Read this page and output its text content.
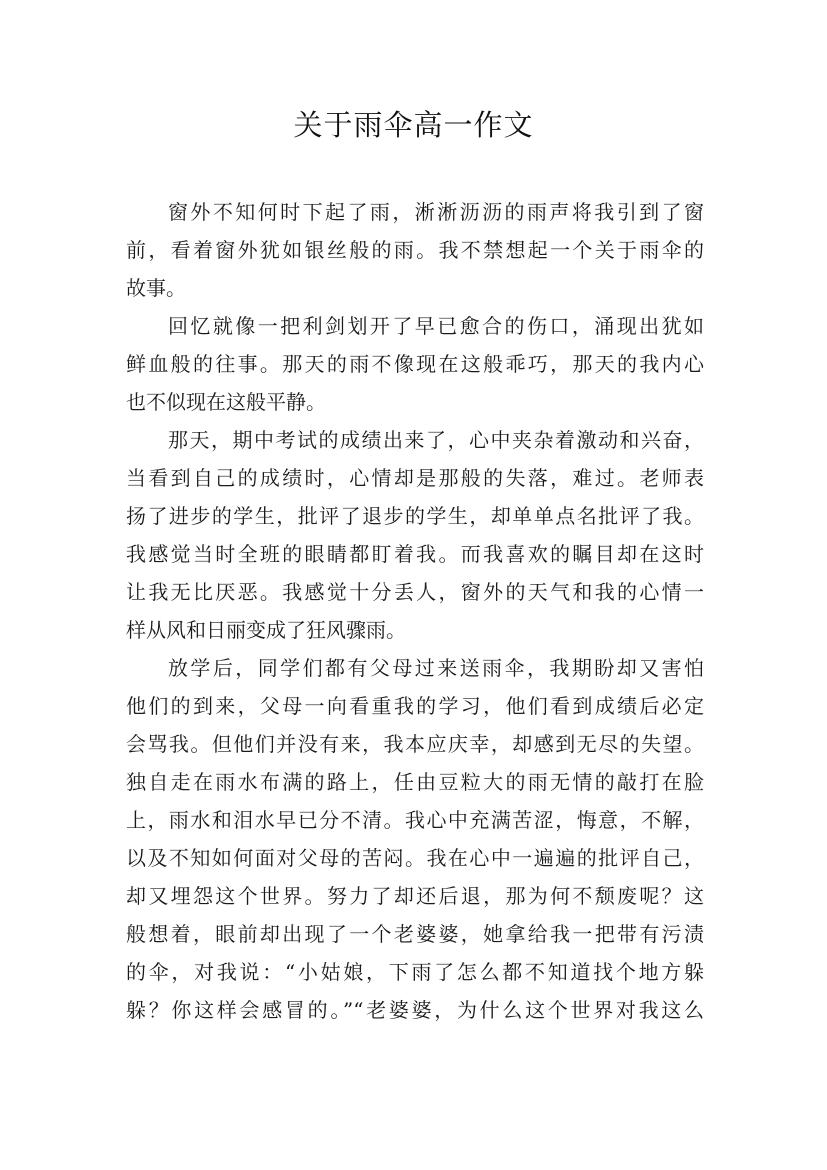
关于雨伞高一作文
窗外不知何时下起了雨，淅淅沥沥的雨声将我引到了窗
前，看着窗外犹如银丝般的雨。我不禁想起一个关于雨伞的
故事。
回忆就像一把利剑划开了早已愈合的伤口，涌现出犹如
鲜血般的往事。那天的雨不像现在这般乖巧，那天的我内心
也不似现在这般平静。
那天，期中考试的成绩出来了，心中夹杂着激动和兴奋，
当看到自己的成绩时，心情却是那般的失落，难过。老师表
扬了进步的学生，批评了退步的学生，却单单点名批评了我。
我感觉当时全班的眼睛都盯着我。而我喜欢的瞩目却在这时
让我无比厌恶。我感觉十分丢人，窗外的天气和我的心情一
样从风和日丽变成了狂风骤雨。
放学后，同学们都有父母过来送雨伞，我期盼却又害怕
他们的到来，父母一向看重我的学习，他们看到成绩后必定
会骂我。但他们并没有来，我本应庆幸，却感到无尽的失望。
独自走在雨水布满的路上，任由豆粒大的雨无情的敲打在脸
上，雨水和泪水早已分不清。我心中充满苦涩，悔意，不解，
以及不知如何面对父母的苦闷。我在心中一遍遍的批评自己，
却又埋怨这个世界。努力了却还后退，那为何不颓废呢？这
般想着，眼前却出现了一个老婆婆，她拿给我一把带有污渍
的伞，对我说：“小姑娘，下雨了怎么都不知道找个地方躲
躲？你这样会感冒的。”“老婆婆，为什么这个世界对我这么
